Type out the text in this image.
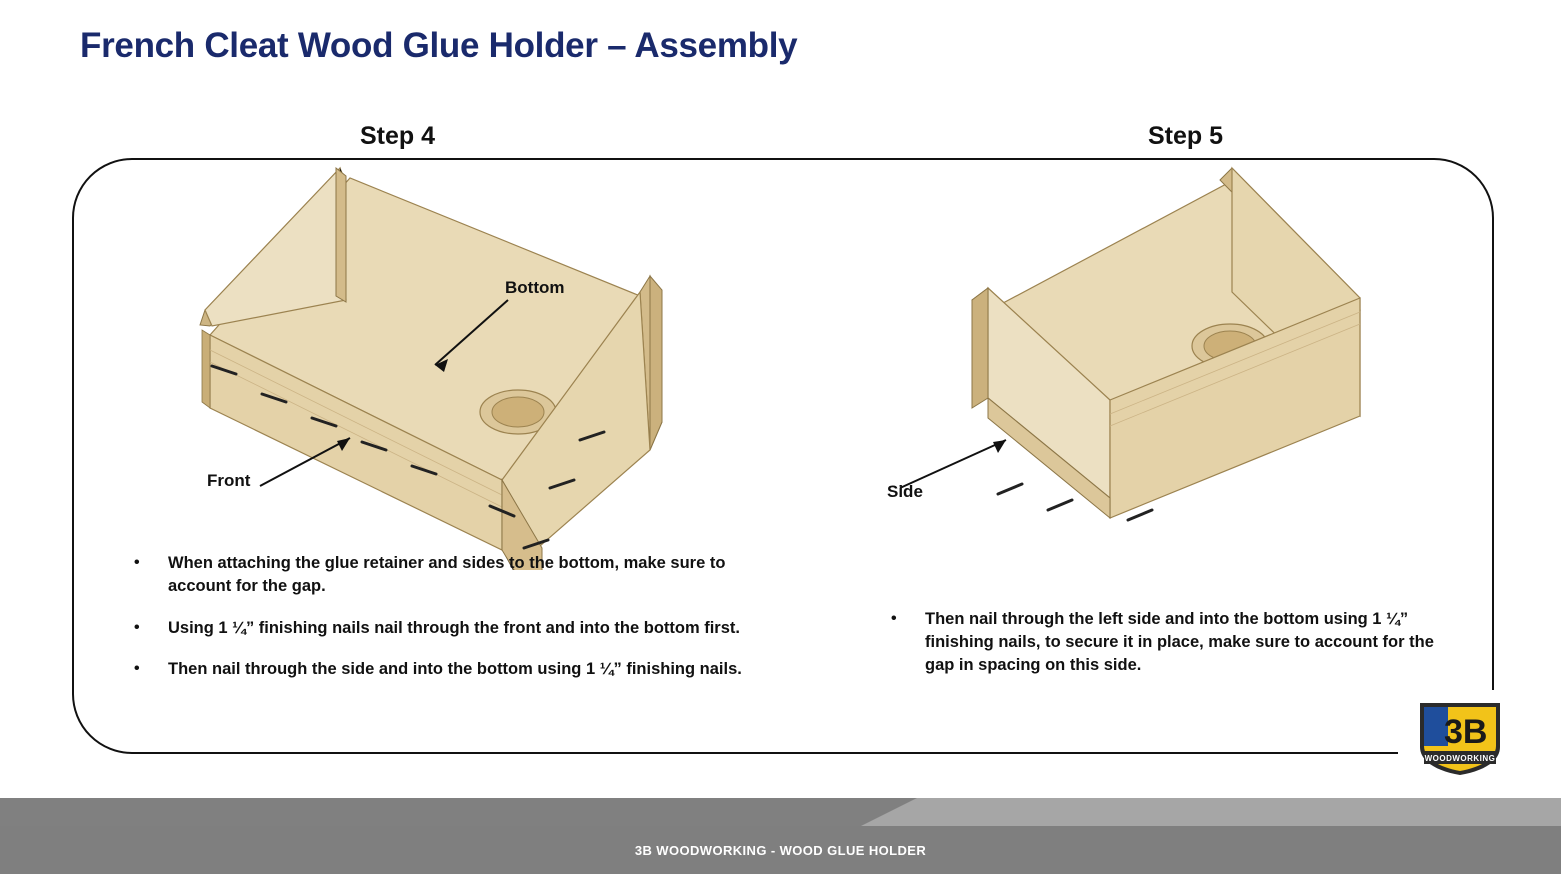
French Cleat Wood Glue Holder – Assembly
Step 4	Step 5
Bottom
Front
Side
• When attaching the glue retainer and sides to the bottom, make sure to account for the gap.
• Using 1 ¼” finishing nails nail through the front and into the bottom first.
• Then nail through the side and into the bottom using 1 ¼” finishing nails.
• Then nail through the left side and into the bottom using 1 ¼” finishing nails, to secure it in place, make sure to account for the gap in spacing on this side.
3B
WOODWORKING
3B WOODWORKING - WOOD GLUE HOLDER
